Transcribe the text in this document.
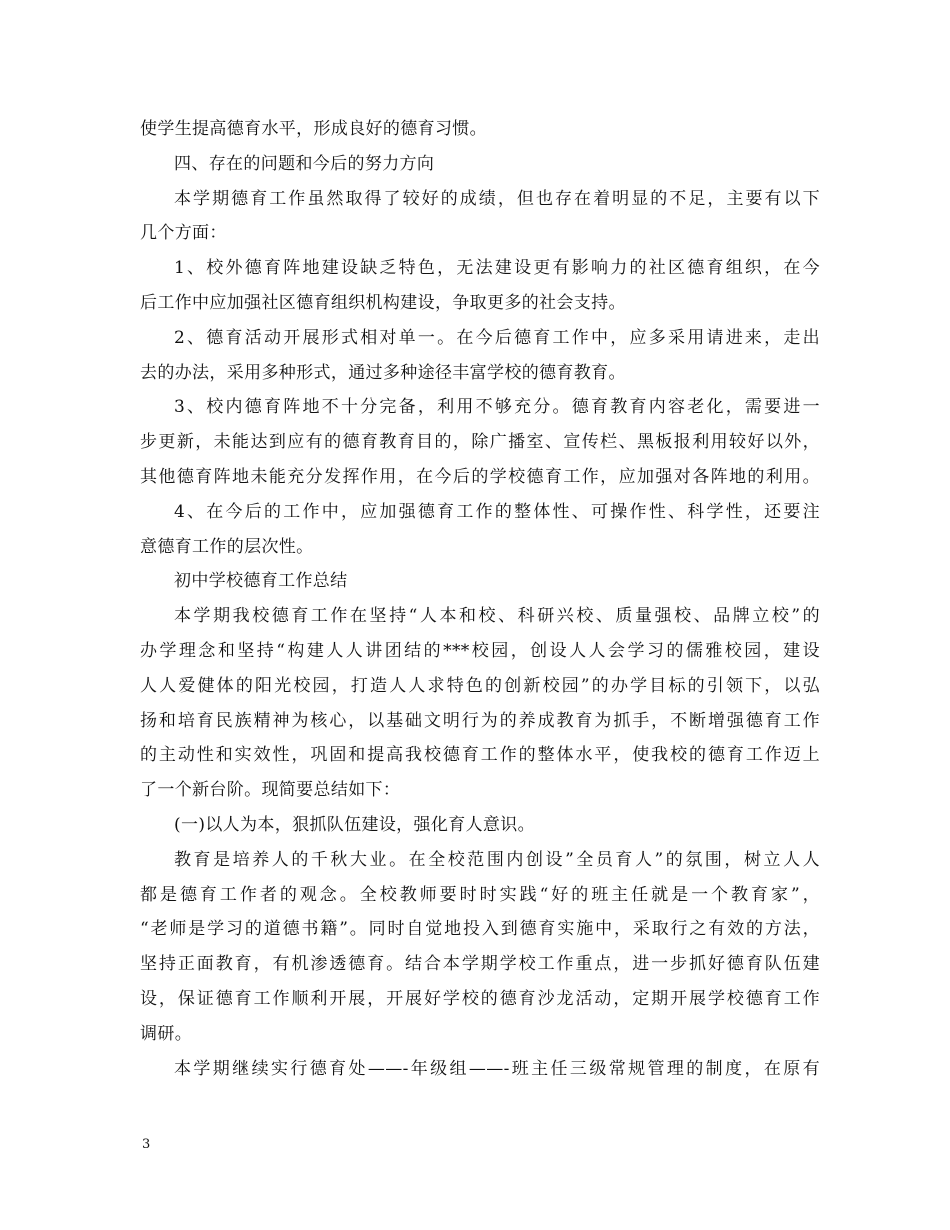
使学生提高德育水平，形成良好的德育习惯。
四、存在的问题和今后的努力方向
本学期德育工作虽然取得了较好的成绩，但也存在着明显的不足，主要有以下
几个方面：
1、校外德育阵地建设缺乏特色，无法建设更有影响力的社区德育组织，在今
后工作中应加强社区德育组织机构建设，争取更多的社会支持。
2、德育活动开展形式相对单一。在今后德育工作中，应多采用请进来，走出
去的办法，采用多种形式，通过多种途径丰富学校的德育教育。
3、校内德育阵地不十分完备，利用不够充分。德育教育内容老化，需要进一
步更新，未能达到应有的德育教育目的，除广播室、宣传栏、黑板报利用较好以外，
其他德育阵地未能充分发挥作用，在今后的学校德育工作，应加强对各阵地的利用。
4、在今后的工作中，应加强德育工作的整体性、可操作性、科学性，还要注
意德育工作的层次性。
初中学校德育工作总结
本学期我校德育工作在坚持“人本和校、科研兴校、质量强校、品牌立校”的
办学理念和坚持“构建人人讲团结的***校园，创设人人会学习的儒雅校园，建设
人人爱健体的阳光校园，打造人人求特色的创新校园”的办学目标的引领下，以弘
扬和培育民族精神为核心，以基础文明行为的养成教育为抓手，不断增强德育工作
的主动性和实效性，巩固和提高我校德育工作的整体水平，使我校的德育工作迈上
了一个新台阶。现简要总结如下：
(一)以人为本，狠抓队伍建设，强化育人意识。
教育是培养人的千秋大业。在全校范围内创设”全员育人”的氛围，树立人人
都是德育工作者的观念。全校教师要时时实践“好的班主任就是一个教育家”，
“老师是学习的道德书籍”。同时自觉地投入到德育实施中，采取行之有效的方法，
坚持正面教育，有机渗透德育。结合本学期学校工作重点，进一步抓好德育队伍建
设，保证德育工作顺利开展，开展好学校的德育沙龙活动，定期开展学校德育工作
调研。
本学期继续实行德育处——-年级组——-班主任三级常规管理的制度，在原有
3
